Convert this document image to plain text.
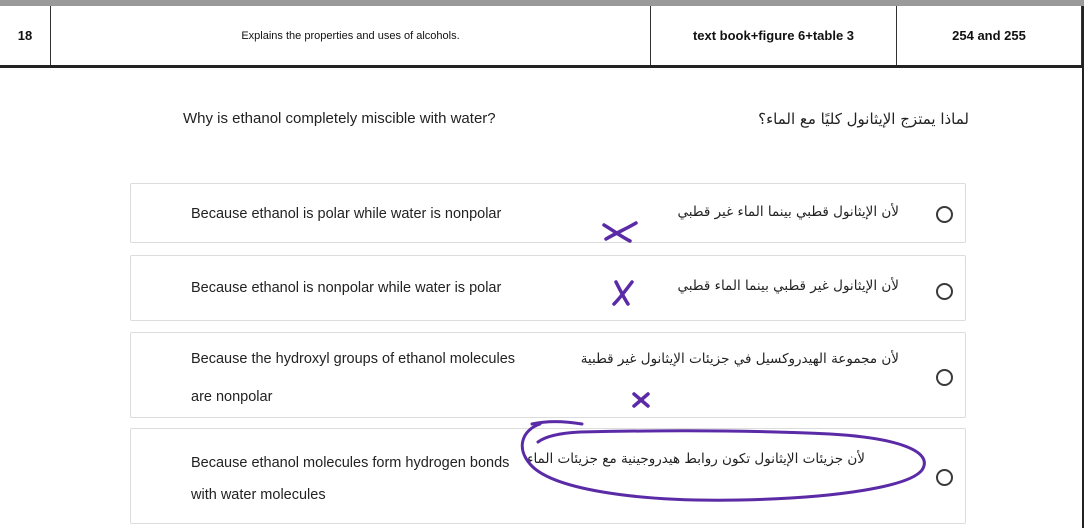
18	Explains the properties and uses of alcohols.	text book+figure 6+table 3	254 and 255
Why is ethanol completely miscible with water?	لماذا يمتزج الإيثانول كليًا مع الماء؟
Because ethanol is polar while water is nonpolar	لأن الإيثانول قطبي بينما الماء غير قطبي
Because ethanol is nonpolar while water is polar	لأن الإيثانول غير قطبي بينما الماء قطبي
Because the hydroxyl groups of ethanol molecules
are nonpolar
لأن مجموعة الهيدروكسيل في جزيئات الإيثانول غير قطبية
Because ethanol molecules form hydrogen bonds
with water molecules
لأن جزيئات الإيثانول تكون روابط هيدروجينية مع جزيئات الماء
